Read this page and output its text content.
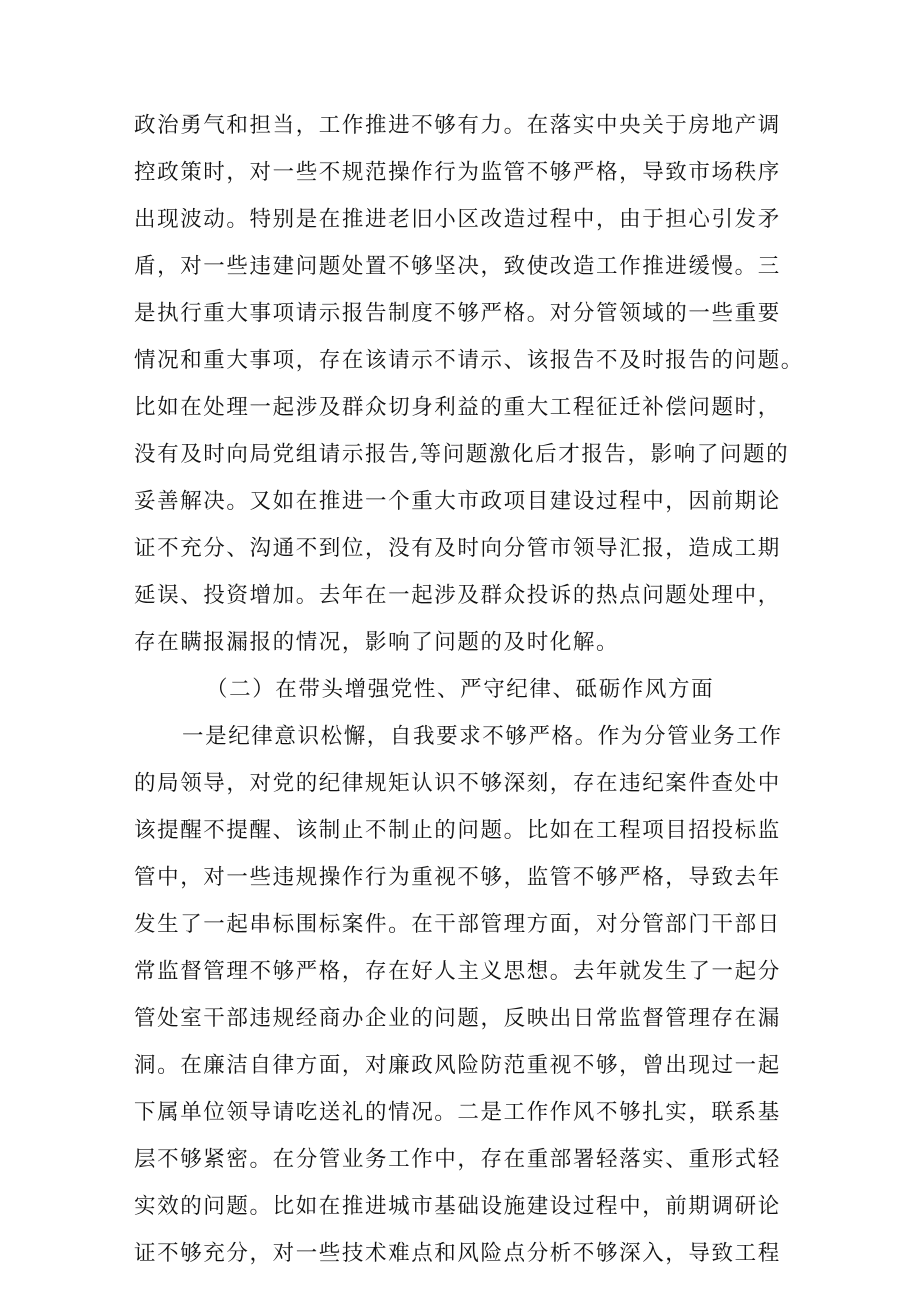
政治勇气和担当，工作推进不够有力。在落实中央关于房地产调
控政策时，对一些不规范操作行为监管不够严格，导致市场秩序
出现波动。特别是在推进老旧小区改造过程中，由于担心引发矛
盾，对一些违建问题处置不够坚决，致使改造工作推进缓慢。三
是执行重大事项请示报告制度不够严格。对分管领域的一些重要
情况和重大事项，存在该请示不请示、该报告不及时报告的问题。
比如在处理一起涉及群众切身利益的重大工程征迁补偿问题时，
没有及时向局党组请示报告,等问题激化后才报告，影响了问题的
妥善解决。又如在推进一个重大市政项目建设过程中，因前期论
证不充分、沟通不到位，没有及时向分管市领导汇报，造成工期
延误、投资增加。去年在一起涉及群众投诉的热点问题处理中，
存在瞒报漏报的情况，影响了问题的及时化解。
（二）在带头增强党性、严守纪律、砥砺作风方面
一是纪律意识松懈，自我要求不够严格。作为分管业务工作
的局领导，对党的纪律规矩认识不够深刻，存在违纪案件查处中
该提醒不提醒、该制止不制止的问题。比如在工程项目招投标监
管中，对一些违规操作行为重视不够，监管不够严格，导致去年
发生了一起串标围标案件。在干部管理方面，对分管部门干部日
常监督管理不够严格，存在好人主义思想。去年就发生了一起分
管处室干部违规经商办企业的问题，反映出日常监督管理存在漏
洞。在廉洁自律方面，对廉政风险防范重视不够，曾出现过一起
下属单位领导请吃送礼的情况。二是工作作风不够扎实，联系基
层不够紧密。在分管业务工作中，存在重部署轻落实、重形式轻
实效的问题。比如在推进城市基础设施建设过程中，前期调研论
证不够充分，对一些技术难点和风险点分析不够深入，导致工程
